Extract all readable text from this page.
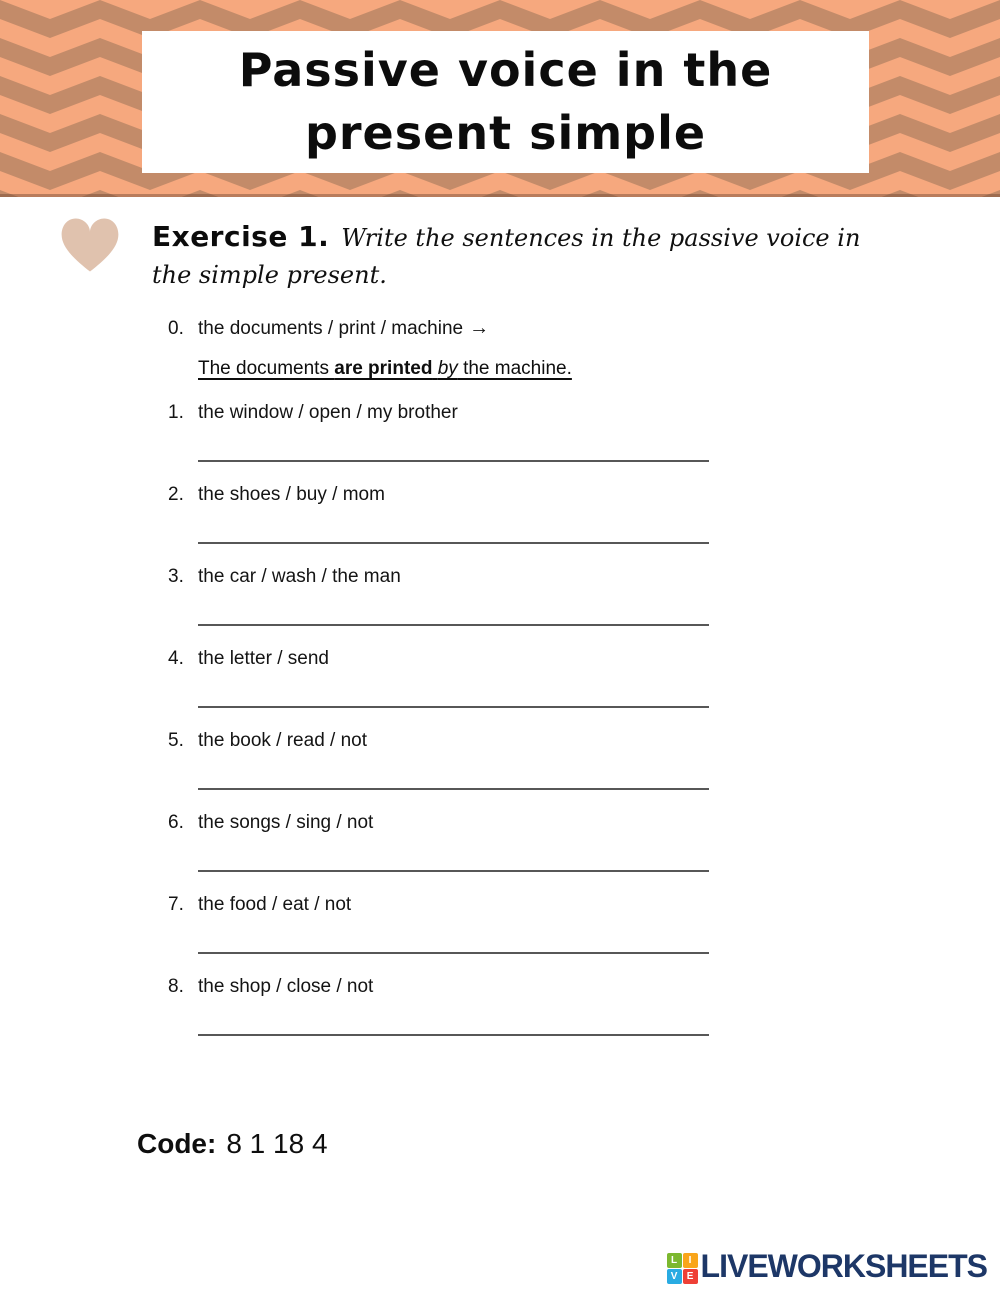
Passive voice in the
present simple

Exercise 1. Write the sentences in the passive voice in the simple present.

0. the documents / print / machine →
The documents are printed by the machine.
1. the window / open / my brother
2. the shoes / buy / mom
3. the car / wash / the man
4. the letter / send
5. the book / read / not
6. the songs / sing / not
7. the food / eat / not
8. the shop / close / not
Code: 8 1 18 4
L	I
V E LIVEWORKSHEETS
